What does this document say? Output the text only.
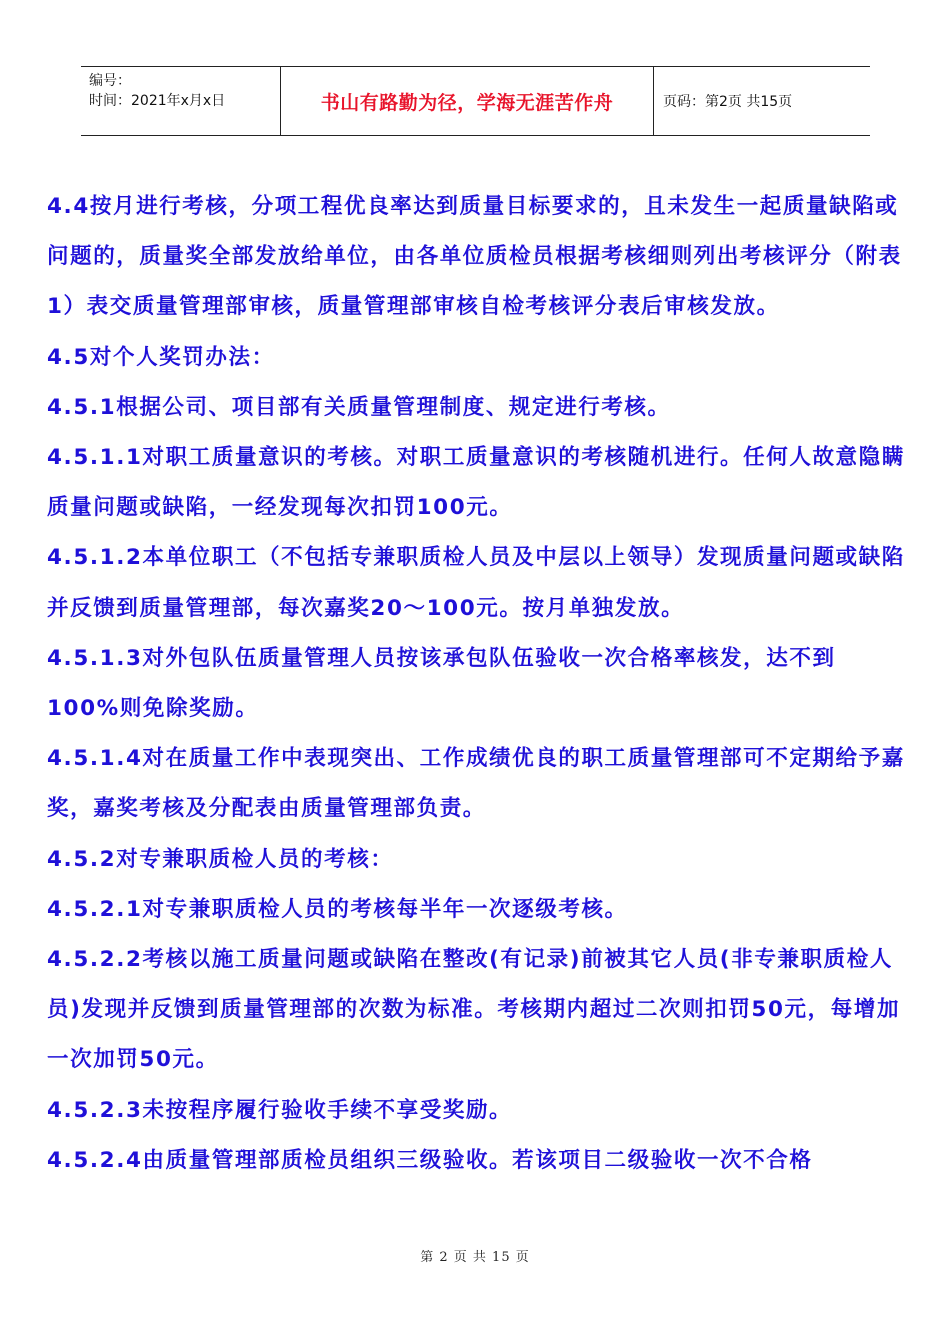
编号：
时间：2021年x月x日	书山有路勤为径，学海无涯苦作舟	页码：第2页 共15页

4.4按月进行考核，分项工程优良率达到质量目标要求的，且未发生一起质量缺陷或问题的，质量奖全部发放给单位，由各单位质检员根据考核细则列出考核评分（附表1）表交质量管理部审核，质量管理部审核自检考核评分表后审核发放。

4.5对个人奖罚办法：

4.5.1根据公司、项目部有关质量管理制度、规定进行考核。

4.5.1.1对职工质量意识的考核。对职工质量意识的考核随机进行。任何人故意隐瞒质量问题或缺陷，一经发现每次扣罚100元。

4.5.1.2本单位职工（不包括专兼职质检人员及中层以上领导）发现质量问题或缺陷并反馈到质量管理部，每次嘉奖20～100元。按月单独发放。

4.5.1.3对外包队伍质量管理人员按该承包队伍验收一次合格率核发，达不到100%则免除奖励。

4.5.1.4对在质量工作中表现突出、工作成绩优良的职工质量管理部可不定期给予嘉奖，嘉奖考核及分配表由质量管理部负责。

4.5.2对专兼职质检人员的考核：

4.5.2.1对专兼职质检人员的考核每半年一次逐级考核。

4.5.2.2考核以施工质量问题或缺陷在整改(有记录)前被其它人员(非专兼职质检人员)发现并反馈到质量管理部的次数为标准。考核期内超过二次则扣罚50元，每增加一次加罚50元。

4.5.2.3未按程序履行验收手续不享受奖励。

4.5.2.4由质量管理部质检员组织三级验收。若该项目二级验收一次不合格

第 2 页 共 15 页
